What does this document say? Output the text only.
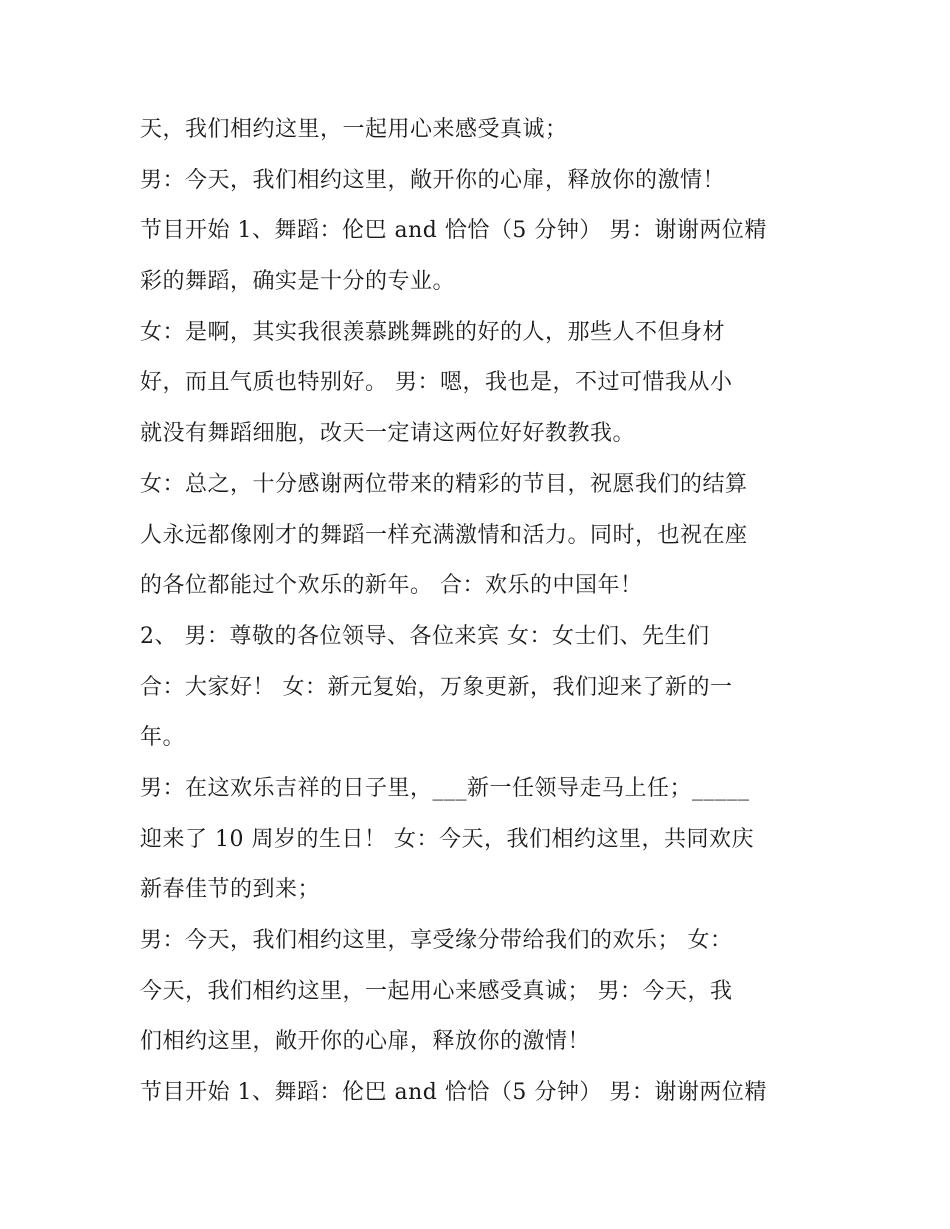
天，我们相约这里，一起用心来感受真诚；
男：今天，我们相约这里，敞开你的心扉，释放你的激情！
节目开始 1、舞蹈：伦巴 and 恰恰（5 分钟） 男：谢谢两位精
彩的舞蹈，确实是十分的专业。
女：是啊，其实我很羡慕跳舞跳的好的人，那些人不但身材
好，而且气质也特别好。 男：嗯，我也是，不过可惜我从小
就没有舞蹈细胞，改天一定请这两位好好教教我。
女：总之，十分感谢两位带来的精彩的节目，祝愿我们的结算
人永远都像刚才的舞蹈一样充满激情和活力。同时，也祝在座
的各位都能过个欢乐的新年。 合：欢乐的中国年！
2、 男：尊敬的各位领导、各位来宾 女：女士们、先生们
合：大家好！ 女：新元复始，万象更新，我们迎来了新的一
年。
男：在这欢乐吉祥的日子里，___新一任领导走马上任；_____
迎来了 10 周岁的生日！ 女：今天，我们相约这里，共同欢庆
新春佳节的到来；
男：今天，我们相约这里，享受缘分带给我们的欢乐； 女：
今天，我们相约这里，一起用心来感受真诚； 男：今天，我
们相约这里，敞开你的心扉，释放你的激情！
节目开始 1、舞蹈：伦巴 and 恰恰（5 分钟） 男：谢谢两位精
